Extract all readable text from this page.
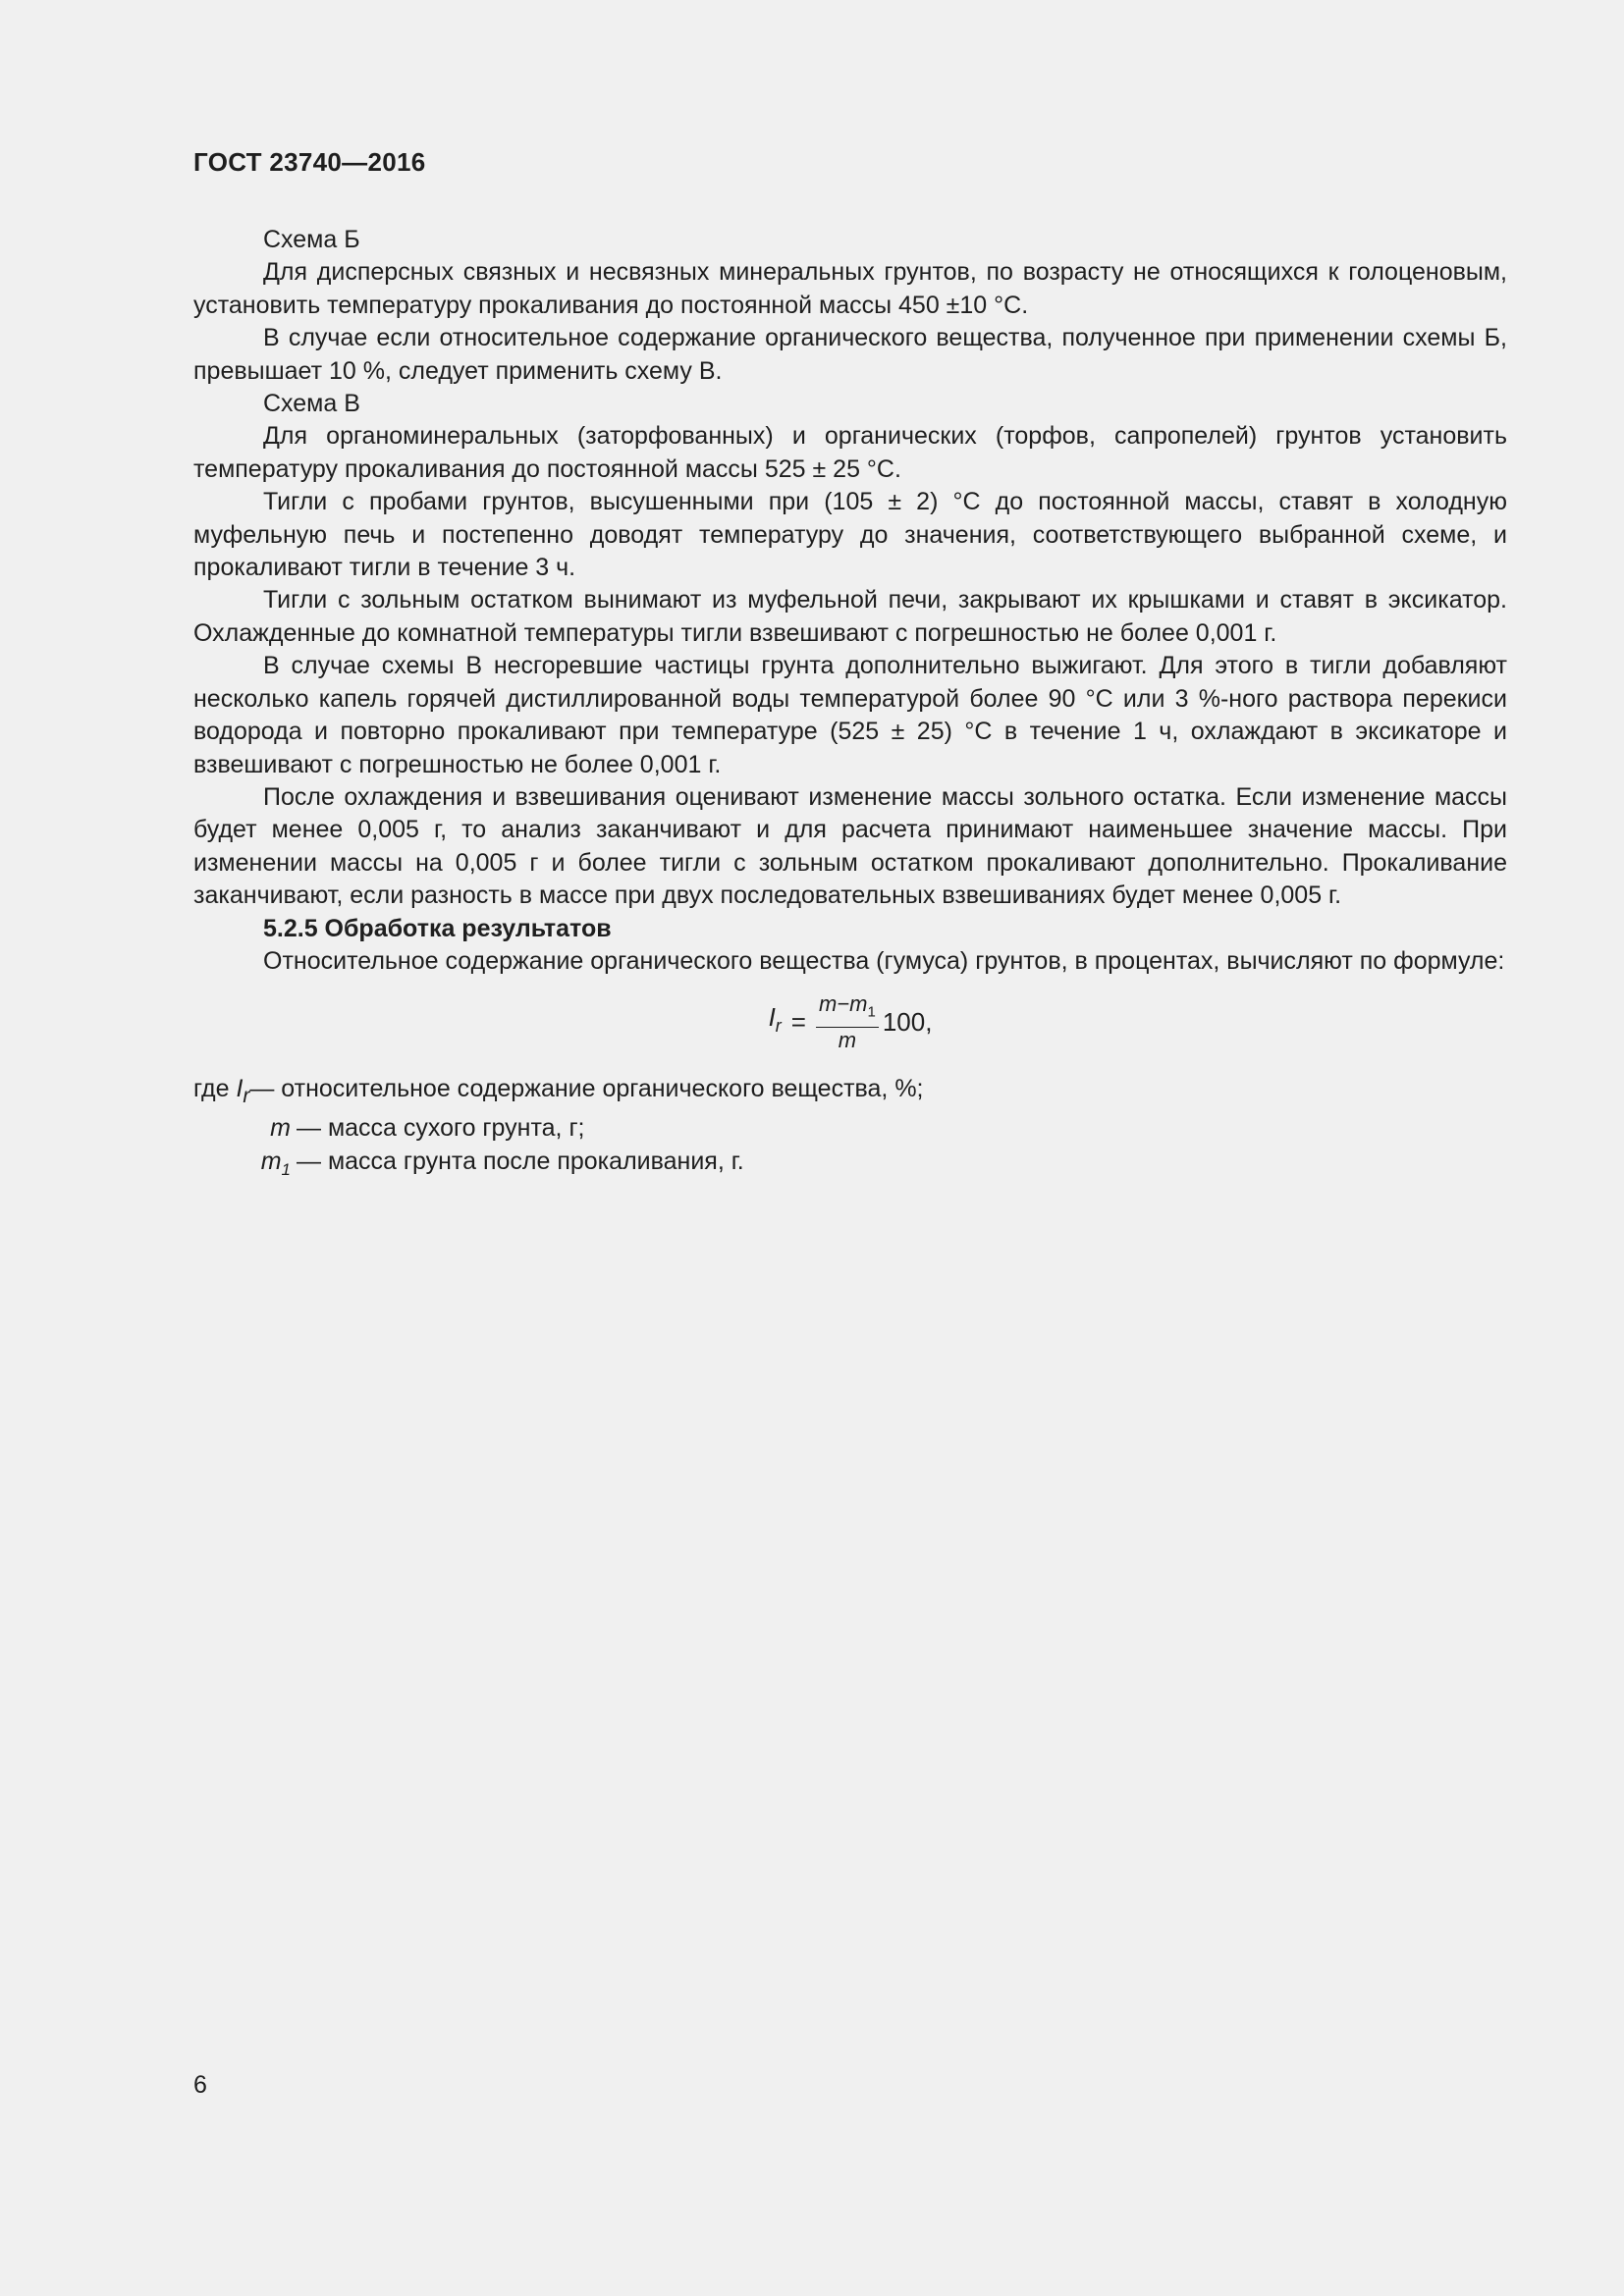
ГОСТ 23740—2016

Схема Б

Для дисперсных связных и несвязных минеральных грунтов, по возрасту не относящихся к голоценовым, установить температуру прокаливания до постоянной массы 450 ±10 °С.

В случае если относительное содержание органического вещества, полученное при применении схемы Б, превышает 10 %, следует применить схему В.

Схема В

Для органоминеральных (заторфованных) и органических (торфов, сапропелей) грунтов установить температуру прокаливания до постоянной массы 525 ± 25 °С.

Тигли с пробами грунтов, высушенными при (105 ± 2) °С до постоянной массы, ставят в холодную муфельную печь и постепенно доводят температуру до значения, соответствующего выбранной схеме, и прокаливают тигли в течение 3 ч.

Тигли с зольным остатком вынимают из муфельной печи, закрывают их крышками и ставят в эксикатор. Охлажденные до комнатной температуры тигли взвешивают с погрешностью не более 0,001 г.

В случае схемы В несгоревшие частицы грунта дополнительно выжигают. Для этого в тигли добавляют несколько капель горячей дистиллированной воды температурой более 90 °С или 3 %-ного раствора перекиси водорода и повторно прокаливают при температуре (525 ± 25) °С в течение 1 ч, охлаждают в эксикаторе и взвешивают с погрешностью не более 0,001 г.

После охлаждения и взвешивания оценивают изменение массы зольного остатка. Если изменение массы будет менее 0,005 г, то анализ заканчивают и для расчета принимают наименьшее значение массы. При изменении массы на 0,005 г и более тигли с зольным остатком прокаливают дополнительно. Прокаливание заканчивают, если разность в массе при двух последовательных взвешиваниях будет менее 0,005 г.

5.2.5 Обработка результатов

Относительное содержание органического вещества (гумуса) грунтов, в процентах, вычисляют по формуле:

$I_r = \frac{m-m_1}{m} 100$,
где
$I_r$ — относительное содержание органического вещества, %;
m — масса сухого грунта, г;
$m_1$ — масса грунта после прокаливания, г.
6
